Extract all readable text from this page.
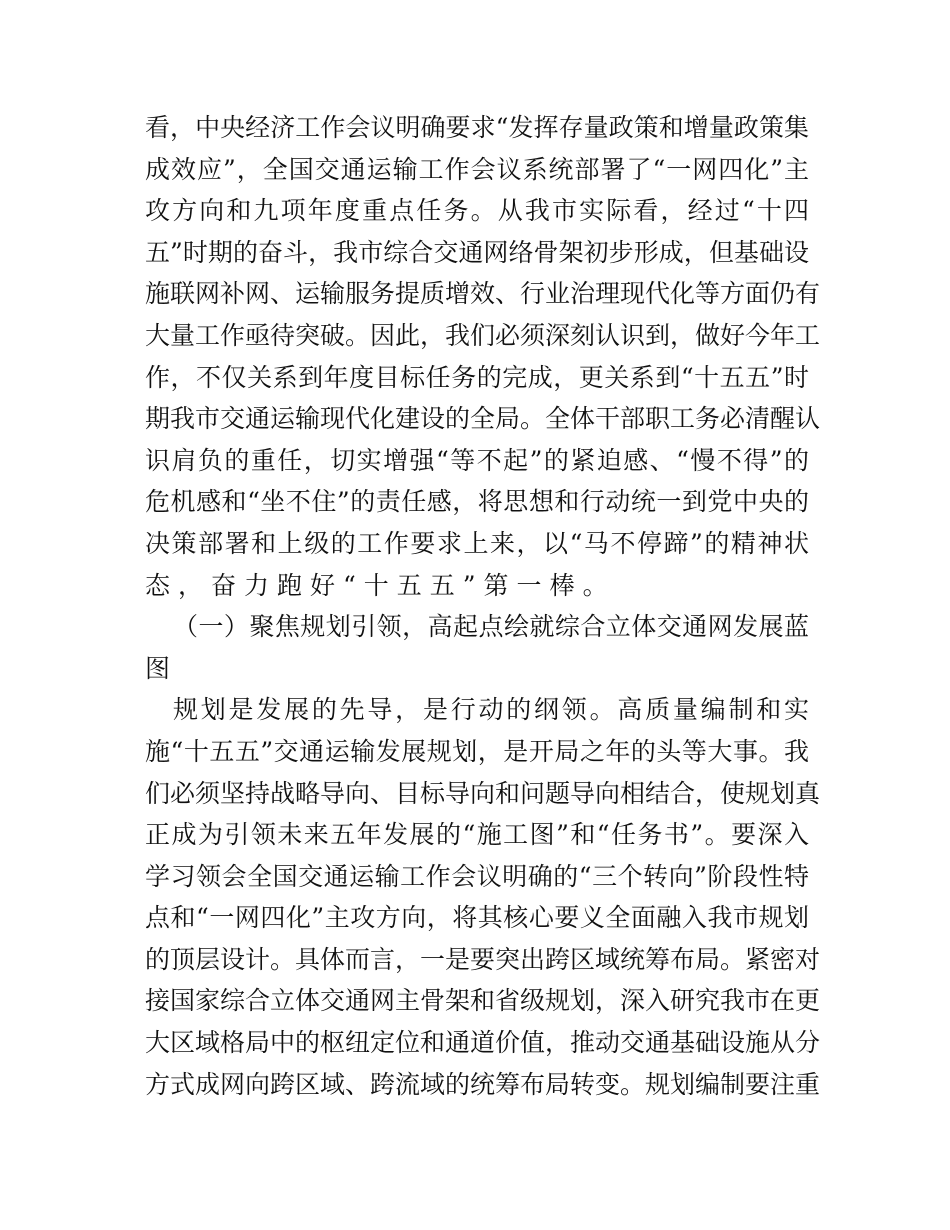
看，中央经济工作会议明确要求“发挥存量政策和增量政策集
成效应”，全国交通运输工作会议系统部署了“一网四化”主
攻方向和九项年度重点任务。从我市实际看，经过“十四
五”时期的奋斗，我市综合交通网络骨架初步形成，但基础设
施联网补网、运输服务提质增效、行业治理现代化等方面仍有
大量工作亟待突破。因此，我们必须深刻认识到，做好今年工
作，不仅关系到年度目标任务的完成，更关系到“十五五”时
期我市交通运输现代化建设的全局。全体干部职工务必清醒认
识肩负的重任，切实增强“等不起”的紧迫感、“慢不得”的
危机感和“坐不住”的责任感，将思想和行动统一到党中央的
决策部署和上级的工作要求上来，以“马不停蹄”的精神状
态，奋力跑好“十五五”第一棒。
（一）聚焦规划引领，高起点绘就综合立体交通网发展蓝
图
规划是发展的先导，是行动的纲领。高质量编制和实
施“十五五”交通运输发展规划，是开局之年的头等大事。我
们必须坚持战略导向、目标导向和问题导向相结合，使规划真
正成为引领未来五年发展的“施工图”和“任务书”。要深入
学习领会全国交通运输工作会议明确的“三个转向”阶段性特
点和“一网四化”主攻方向，将其核心要义全面融入我市规划
的顶层设计。具体而言，一是要突出跨区域统筹布局。紧密对
接国家综合立体交通网主骨架和省级规划，深入研究我市在更
大区域格局中的枢纽定位和通道价值，推动交通基础设施从分
方式成网向跨区域、跨流域的统筹布局转变。规划编制要注重
